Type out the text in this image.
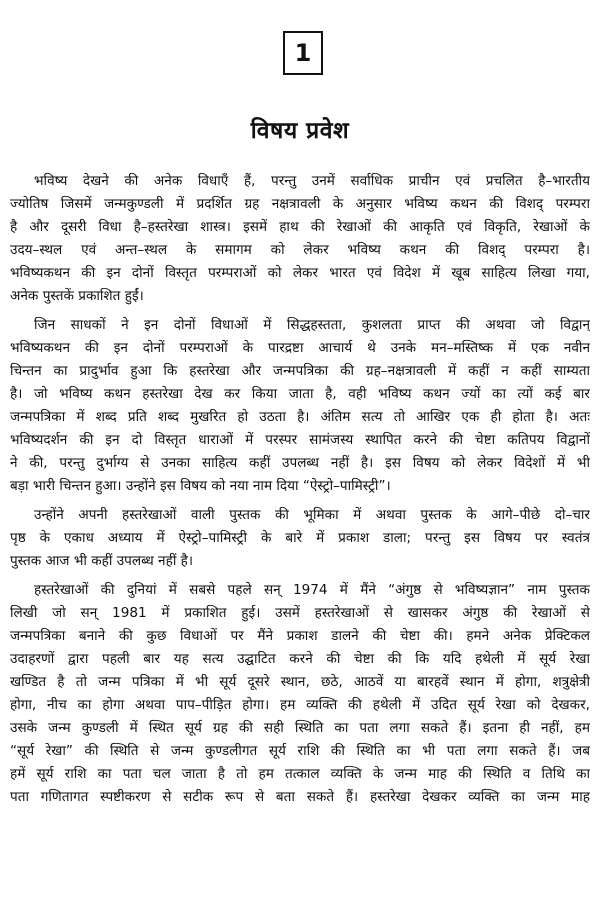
1
विषय प्रवेश
भविष्य देखने की अनेक विधाएँ हैं, परन्तु उनमें सर्वाधिक प्राचीन एवं प्रचलित है–भारतीय
ज्योतिष जिसमें जन्मकुण्डली में प्रदर्शित ग्रह नक्षत्रावली के अनुसार भविष्य कथन की विशद् परम्परा
है और दूसरी विधा है–हस्तरेखा शास्त्र। इसमें हाथ की रेखाओं की आकृति एवं विकृति, रेखाओं के
उदय–स्थल एवं अन्त–स्थल के समागम को लेकर भविष्य कथन की विशद् परम्परा है।
भविष्यकथन की इन दोनों विस्तृत परम्पराओं को लेकर भारत एवं विदेश में खूब साहित्य लिखा गया,
अनेक पुस्तकें प्रकाशित हुईं।
जिन साधकों ने इन दोनों विधाओं में सिद्धहस्तता, कुशलता प्राप्त की अथवा जो विद्वान्
भविष्यकथन की इन दोनों परम्पराओं के पारद्रष्टा आचार्य थे उनके मन–मस्तिष्क में एक नवीन
चिन्तन का प्रादुर्भाव हुआ कि हस्तरेखा और जन्मपत्रिका की ग्रह–नक्षत्रावली में कहीं न कहीं साम्यता
है। जो भविष्य कथन हस्तरेखा देख कर किया जाता है, वही भविष्य कथन ज्यों का त्यों कई बार
जन्मपत्रिका में शब्द प्रति शब्द मुखरित हो उठता है। अंतिम सत्य तो आखिर एक ही होता है। अतः
भविष्यदर्शन की इन दो विस्तृत धाराओं में परस्पर सामंजस्य स्थापित करने की चेष्टा कतिपय विद्वानों
ने की, परन्तु दुर्भाग्य से उनका साहित्य कहीं उपलब्ध नहीं है। इस विषय को लेकर विदेशों में भी
बड़ा भारी चिन्तन हुआ। उन्होंने इस विषय को नया नाम दिया “ऐस्ट्रो–पामिस्ट्री”।
उन्होंने अपनी हस्तरेखाओं वाली पुस्तक की भूमिका में अथवा पुस्तक के आगे–पीछे दो–चार
पृष्ठ के एकाध अध्याय में ऐस्ट्रो–पामिस्ट्री के बारे में प्रकाश डाला; परन्तु इस विषय पर स्वतंत्र
पुस्तक आज भी कहीं उपलब्ध नहीं है।
हस्तरेखाओं की दुनियां में सबसे पहले सन् 1974 में मैंने “अंगुष्ठ से भविष्यज्ञान” नाम पुस्तक
लिखी जो सन् 1981 में प्रकाशित हुई। उसमें हस्तरेखाओं से खासकर अंगुष्ठ की रेखाओं से
जन्मपत्रिका बनाने की कुछ विधाओं पर मैंने प्रकाश डालने की चेष्टा की। हमने अनेक प्रेक्टिकल
उदाहरणों द्वारा पहली बार यह सत्य उद्घाटित करने की चेष्टा की कि यदि हथेली में सूर्य रेखा
खण्डित है तो जन्म पत्रिका में भी सूर्य दूसरे स्थान, छठे, आठवें या बारहवें स्थान में होगा, शत्रुक्षेत्री
होगा, नीच का होगा अथवा पाप–पीड़ित होगा। हम व्यक्ति की हथेली में उदित सूर्य रेखा को देखकर,
उसके जन्म कुण्डली में स्थित सूर्य ग्रह की सही स्थिति का पता लगा सकते हैं। इतना ही नहीं, हम
“सूर्य रेखा” की स्थिति से जन्म कुण्डलीगत सूर्य राशि की स्थिति का भी पता लगा सकते हैं। जब
हमें सूर्य राशि का पता चल जाता है तो हम तत्काल व्यक्ति के जन्म माह की स्थिति व तिथि का
पता गणितागत स्पष्टीकरण से सटीक रूप से बता सकते हैं। हस्तरेखा देखकर व्यक्ति का जन्म माह
